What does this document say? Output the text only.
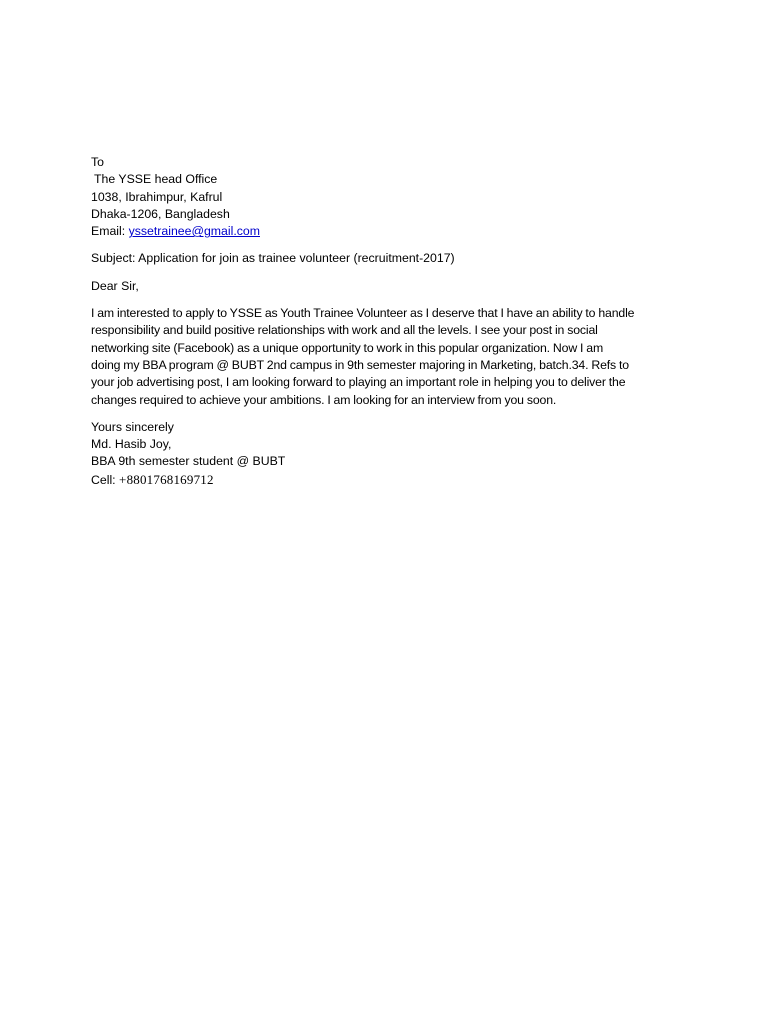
To
The YSSE head Office
1038, Ibrahimpur, Kafrul
Dhaka-1206, Bangladesh
Email: yssetrainee@gmail.com
Subject: Application for join as trainee volunteer (recruitment-2017)
Dear Sir,
I am interested to apply to YSSE as Youth Trainee Volunteer as I deserve that I have an ability to handle
responsibility and build positive relationships with work and all the levels. I see your post in social
networking site (Facebook) as a unique opportunity to work in this popular organization. Now I am
doing my BBA program @ BUBT 2nd campus in 9th semester majoring in Marketing, batch.34. Refs to
your job advertising post, I am looking forward to playing an important role in helping you to deliver the
changes required to achieve your ambitions. I am looking for an interview from you soon.
Yours sincerely
Md. Hasib Joy,
BBA 9th semester student @ BUBT
Cell: +8801768169712
